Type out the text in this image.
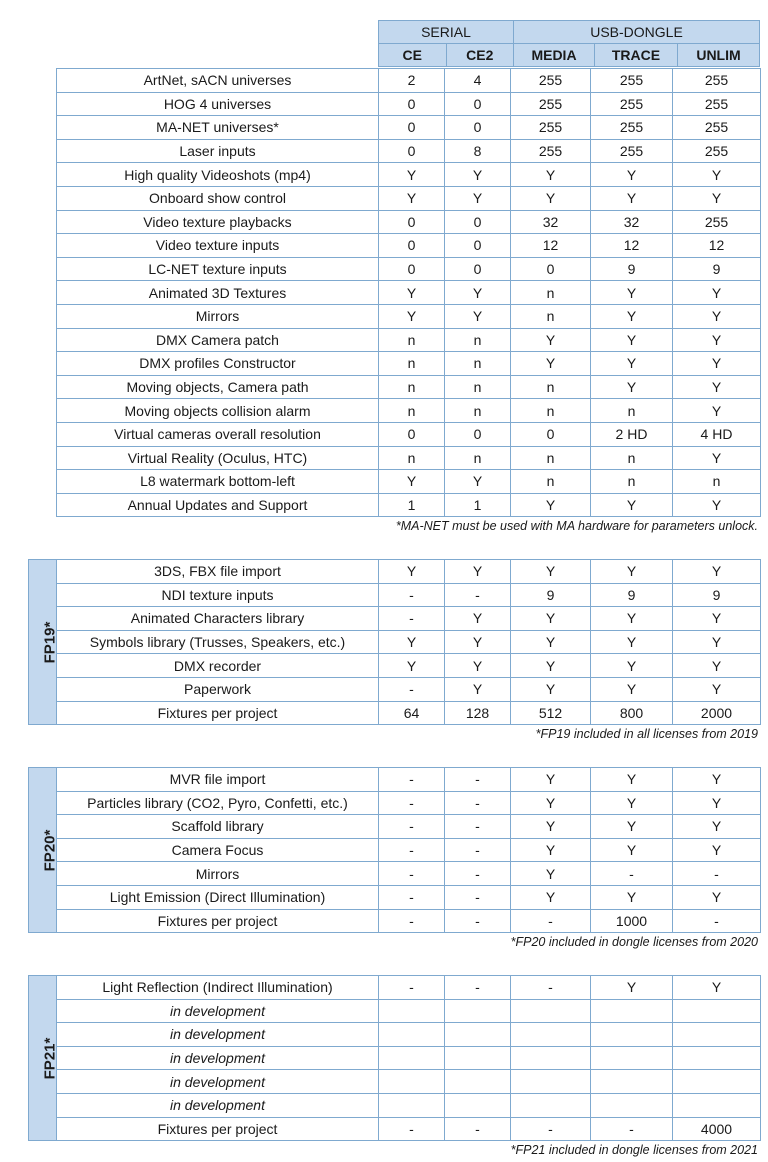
SERIAL		USB-DONGLE		
CE	CE2	MEDIA	TRACE	UNLIM
ArtNet, sACN universes	2	4	255	255	255
HOG 4 universes	0	0	255	255	255
MA-NET universes*	0	0	255	255	255
Laser inputs	0	8	255	255	255
High quality Videoshots (mp4)	Y	Y	Y	Y	Y
Onboard show control	Y	Y	Y	Y	Y
Video texture playbacks	0	0	32	32	255
Video texture inputs	0	0	12	12	12
LC-NET texture inputs	0	0	0	9	9
Animated 3D Textures	Y	Y	n	Y	Y
Mirrors	Y	Y	n	Y	Y
DMX Camera patch	n	n	Y	Y	Y
DMX profiles Constructor	n	n	Y	Y	Y
Moving objects, Camera path	n	n	n	Y	Y
Moving objects collision alarm	n	n	n	n	Y
Virtual cameras overall resolution	0	0	0	2 HD	4 HD
Virtual Reality (Oculus, HTC)	n	n	n	n	Y
L8 watermark bottom-left	Y	Y	n	n	n
Annual Updates and Support	1	1	Y	Y	Y
*MA-NET must be used with MA hardware for parameters unlock.
FP19*	3DS, FBX file import	Y	Y	Y	Y	Y
	NDI texture inputs	-	-	9	9	9
	Animated Characters library	-	Y	Y	Y	Y
	Symbols library (Trusses, Speakers, etc.)	Y	Y	Y	Y	Y
	DMX recorder	Y	Y	Y	Y	Y
	Paperwork	-	Y	Y	Y	Y
	Fixtures per project	64	128	512	800	2000
*FP19 included in all licenses from 2019
FP20*	MVR file import	-	-	Y	Y	Y
	Particles library (CO2, Pyro, Confetti, etc.)	-	-	Y	Y	Y
	Scaffold library	-	-	Y	Y	Y
	Camera Focus	-	-	Y	Y	Y
	Mirrors	-	-	Y	-	-
	Light Emission (Direct Illumination)	-	-	Y	Y	Y
	Fixtures per project	-	-	-	1000	-
*FP20 included in dongle licenses from 2020
FP21*	Light Reflection (Indirect Illumination)	-	-	-	Y	Y
	in development					
	in development					
	in development					
	in development					
	in development					
	Fixtures per project	-	-	-	-	4000
*FP21 included in dongle licenses from 2021
